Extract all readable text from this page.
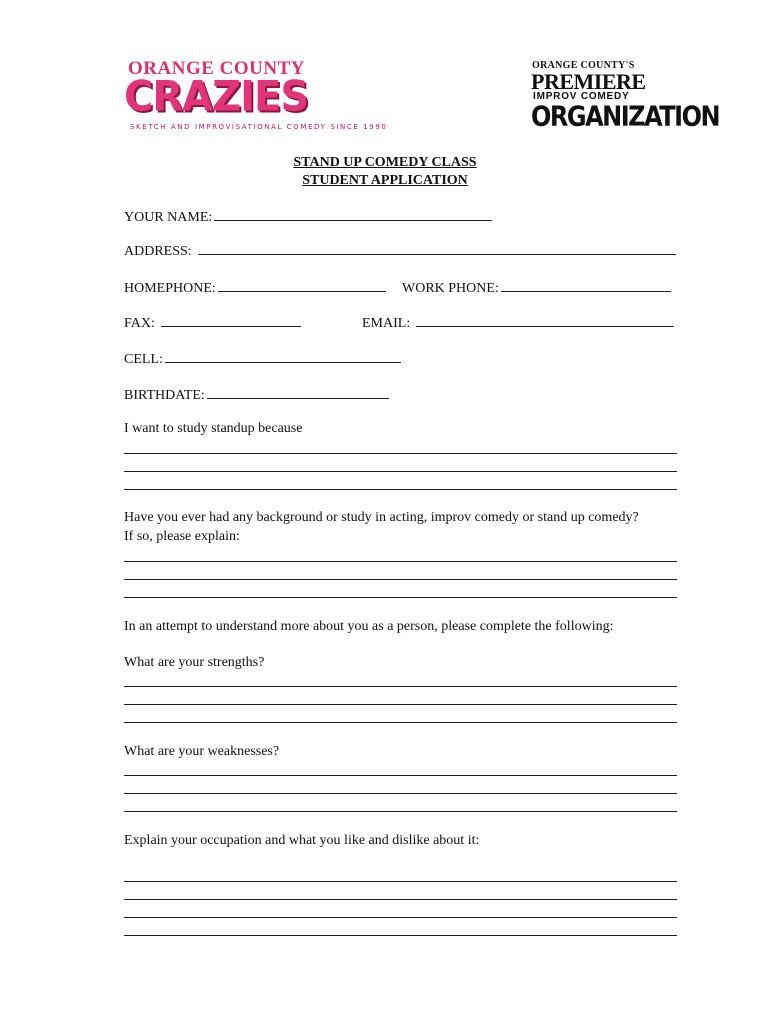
ORANGE COUNTY
CRAZIES
SKETCH AND IMPROVISATIONAL COMEDY SINCE 1990
ORANGE COUNTY'S
PREMIERE
IMPROV COMEDY
ORGANIZATION
STAND UP COMEDY CLASS
STUDENT APPLICATION
YOUR NAME:
ADDRESS:
HOMEPHONE:	WORK PHONE:
FAX:	EMAIL:
CELL:
BIRTHDATE:
I want to study standup because
Have you ever had any background or study in acting, improv comedy or stand up comedy?
If so, please explain:
In an attempt to understand more about you as a person, please complete the following:
What are your strengths?
What are your weaknesses?
Explain your occupation and what you like and dislike about it:
